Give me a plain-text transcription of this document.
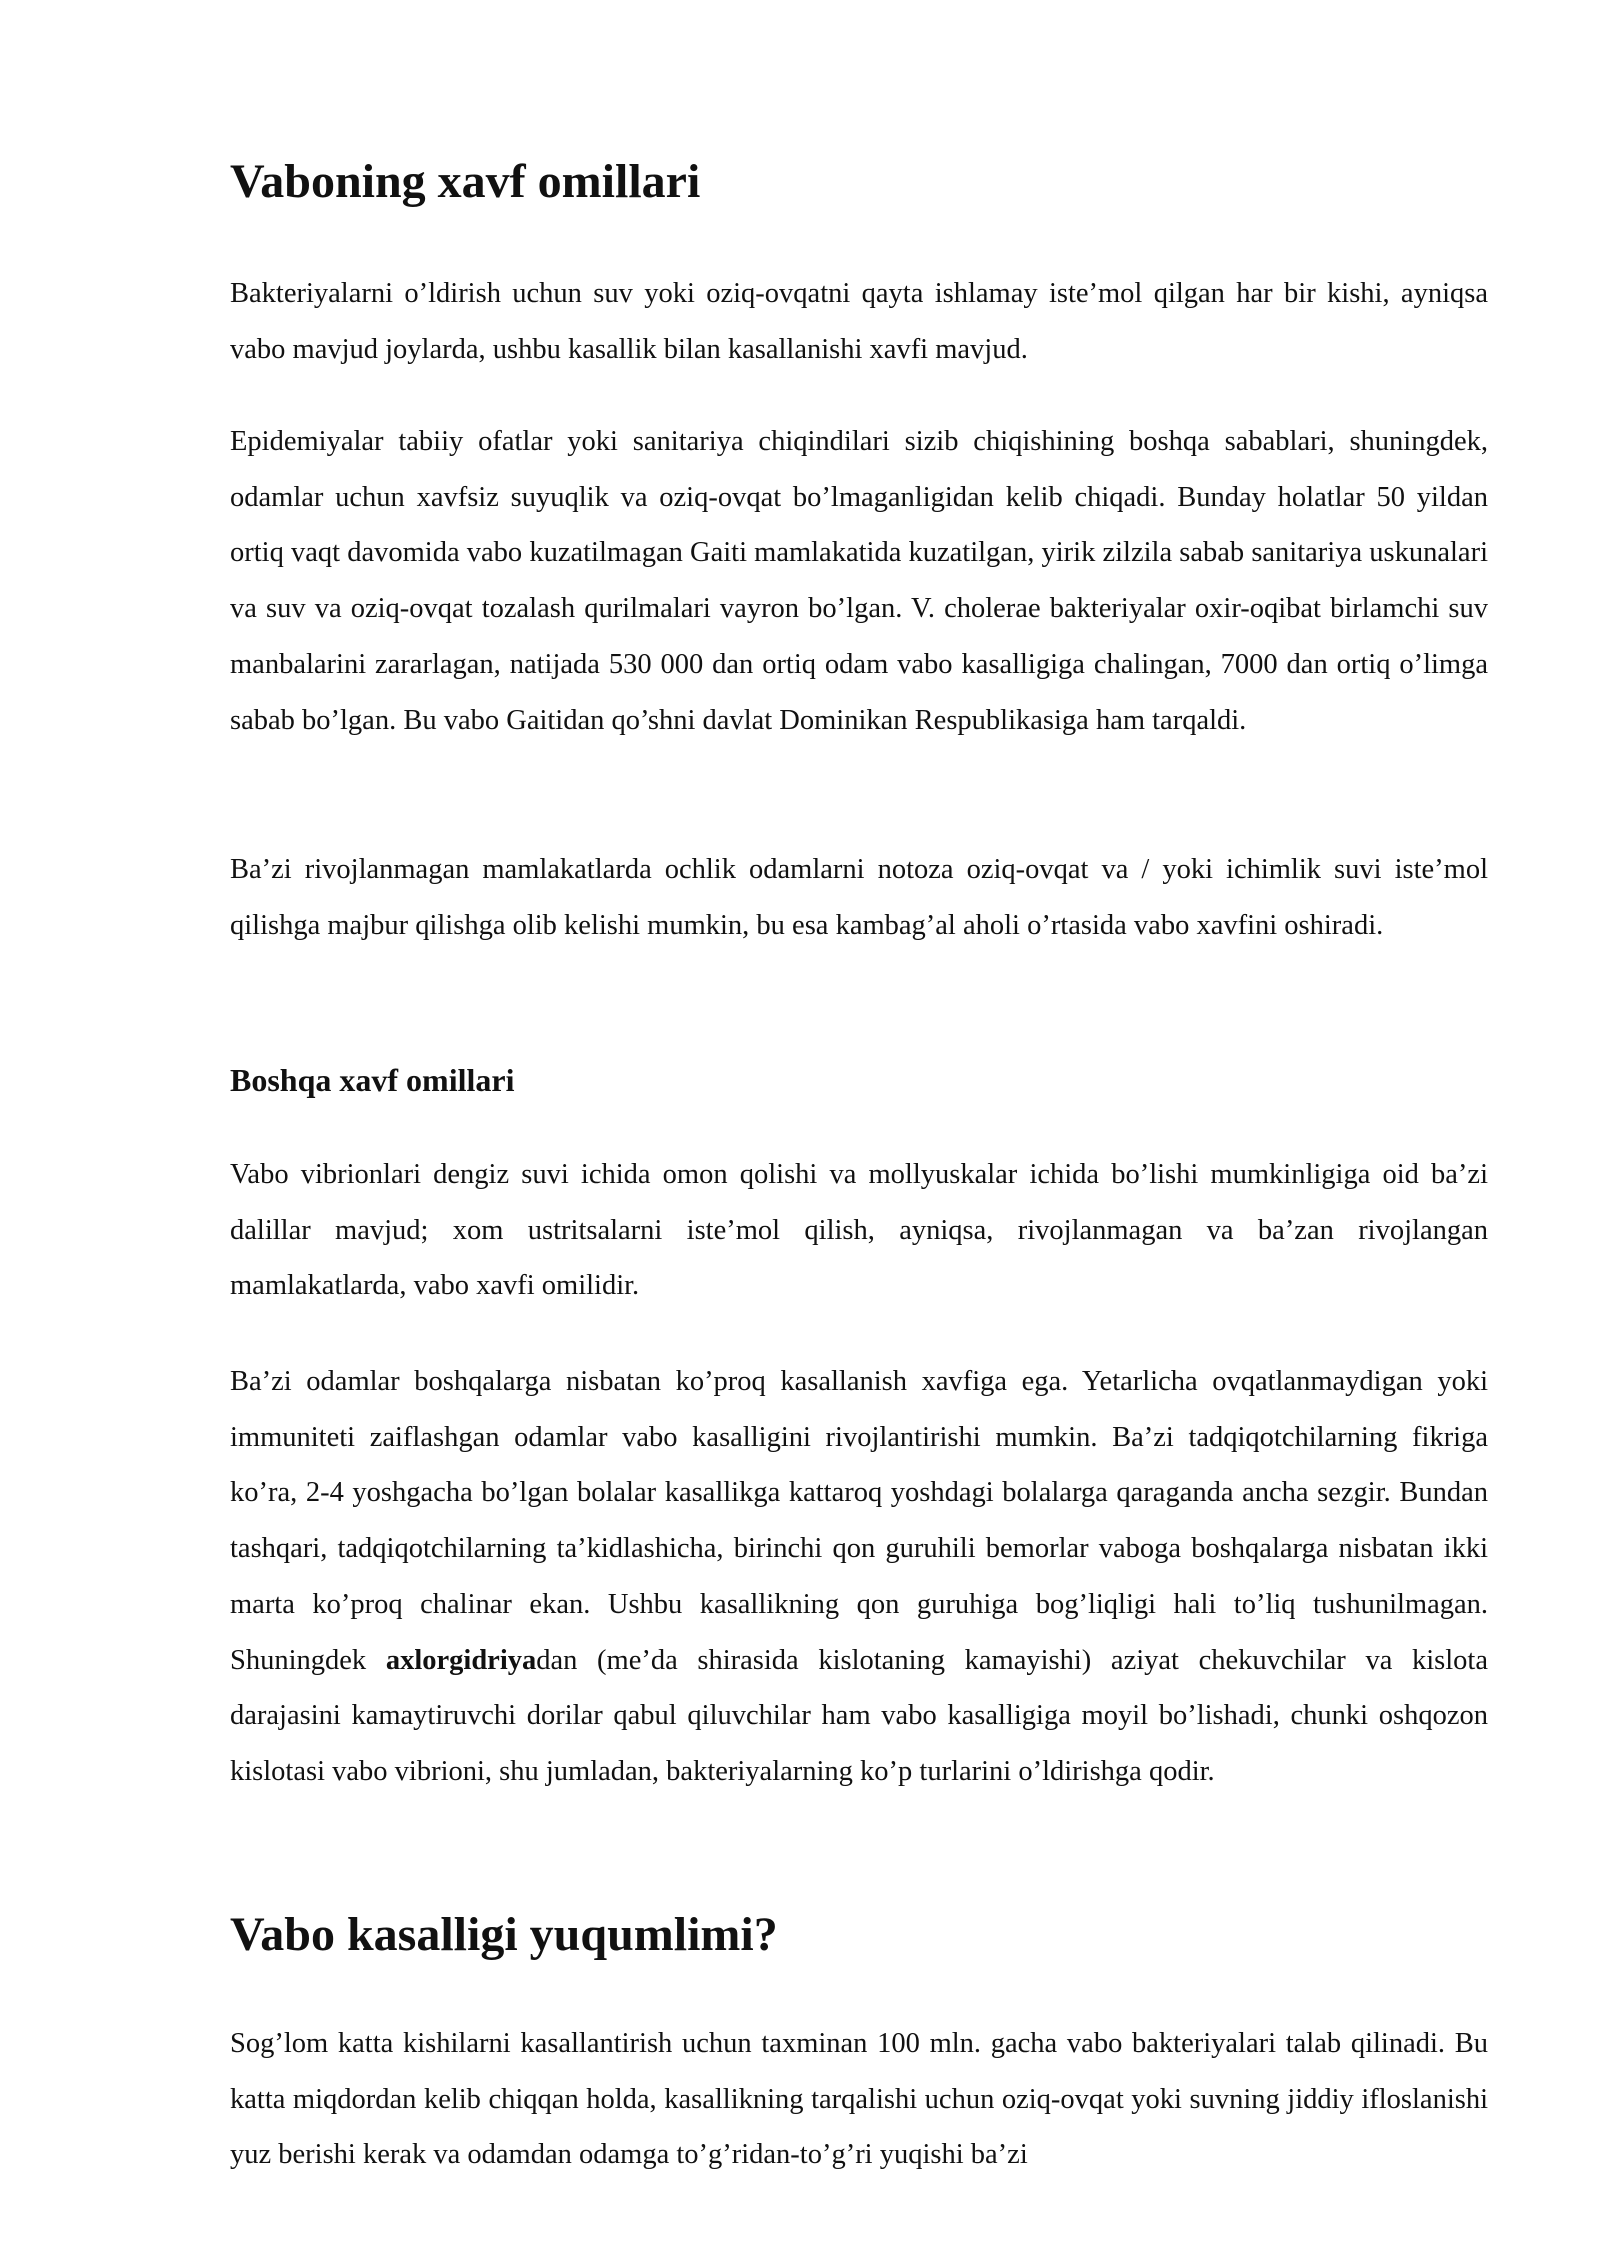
Vaboning xavf omillari

Bakteriyalarni o’ldirish uchun suv yoki oziq-ovqatni qayta ishlamay iste’mol qilgan har bir kishi, ayniqsa vabo mavjud joylarda, ushbu kasallik bilan kasallanishi xavfi mavjud.

Epidemiyalar tabiiy ofatlar yoki sanitariya chiqindilari sizib chiqishining boshqa sabablari, shuningdek, odamlar uchun xavfsiz suyuqlik va oziq-ovqat bo’lmaganligidan kelib chiqadi. Bunday holatlar 50 yildan ortiq vaqt davomida vabo kuzatilmagan Gaiti mamlakatida kuzatilgan, yirik zilzila sabab sanitariya uskunalari va suv va oziq-ovqat tozalash qurilmalari vayron bo’lgan. V. cholerae bakteriyalar oxir-oqibat birlamchi suv manbalarini zararlagan, natijada 530 000 dan ortiq odam vabo kasalligiga chalingan, 7000 dan ortiq o’limga sabab bo’lgan. Bu vabo Gaitidan qo’shni davlat Dominikan Respublikasiga ham tarqaldi.

Ba’zi rivojlanmagan mamlakatlarda ochlik odamlarni notoza oziq-ovqat va / yoki ichimlik suvi iste’mol qilishga majbur qilishga olib kelishi mumkin, bu esa kambag’al aholi o’rtasida vabo xavfini oshiradi.

Boshqa xavf omillari

Vabo vibrionlari dengiz suvi ichida omon qolishi va mollyuskalar ichida bo’lishi mumkinligiga oid ba’zi dalillar mavjud; xom ustritsalarni iste’mol qilish, ayniqsa, rivojlanmagan va ba’zan rivojlangan mamlakatlarda, vabo xavfi omilidir.

Ba’zi odamlar boshqalarga nisbatan ko’proq kasallanish xavfiga ega. Yetarlicha ovqatlanmaydigan yoki immuniteti zaiflashgan odamlar vabo kasalligini rivojlantirishi mumkin. Ba’zi tadqiqotchilarning fikriga ko’ra, 2-4 yoshgacha bo’lgan bolalar kasallikga kattaroq yoshdagi bolalarga qaraganda ancha sezgir. Bundan tashqari, tadqiqotchilarning ta’kidlashicha, birinchi qon guruhili bemorlar vaboga boshqalarga nisbatan ikki marta ko’proq chalinar ekan. Ushbu kasallikning qon guruhiga bog’liqligi hali to’liq tushunilmagan. Shuningdek axlorgidriyadan (me’da shirasida kislotaning kamayishi) aziyat chekuvchilar va kislota darajasini kamaytiruvchi dorilar qabul qiluvchilar ham vabo kasalligiga moyil bo’lishadi, chunki oshqozon kislotasi vabo vibrioni, shu jumladan, bakteriyalarning ko’p turlarini o’ldirishga qodir.

Vabo kasalligi yuqumlimi?

Sog’lom katta kishilarni kasallantirish uchun taxminan 100 mln. gacha vabo bakteriyalari talab qilinadi. Bu katta miqdordan kelib chiqqan holda, kasallikning tarqalishi uchun oziq-ovqat yoki suvning jiddiy ifloslanishi yuz berishi kerak va odamdan odamga to’g’ridan-to’g’ri yuqishi ba’zi
